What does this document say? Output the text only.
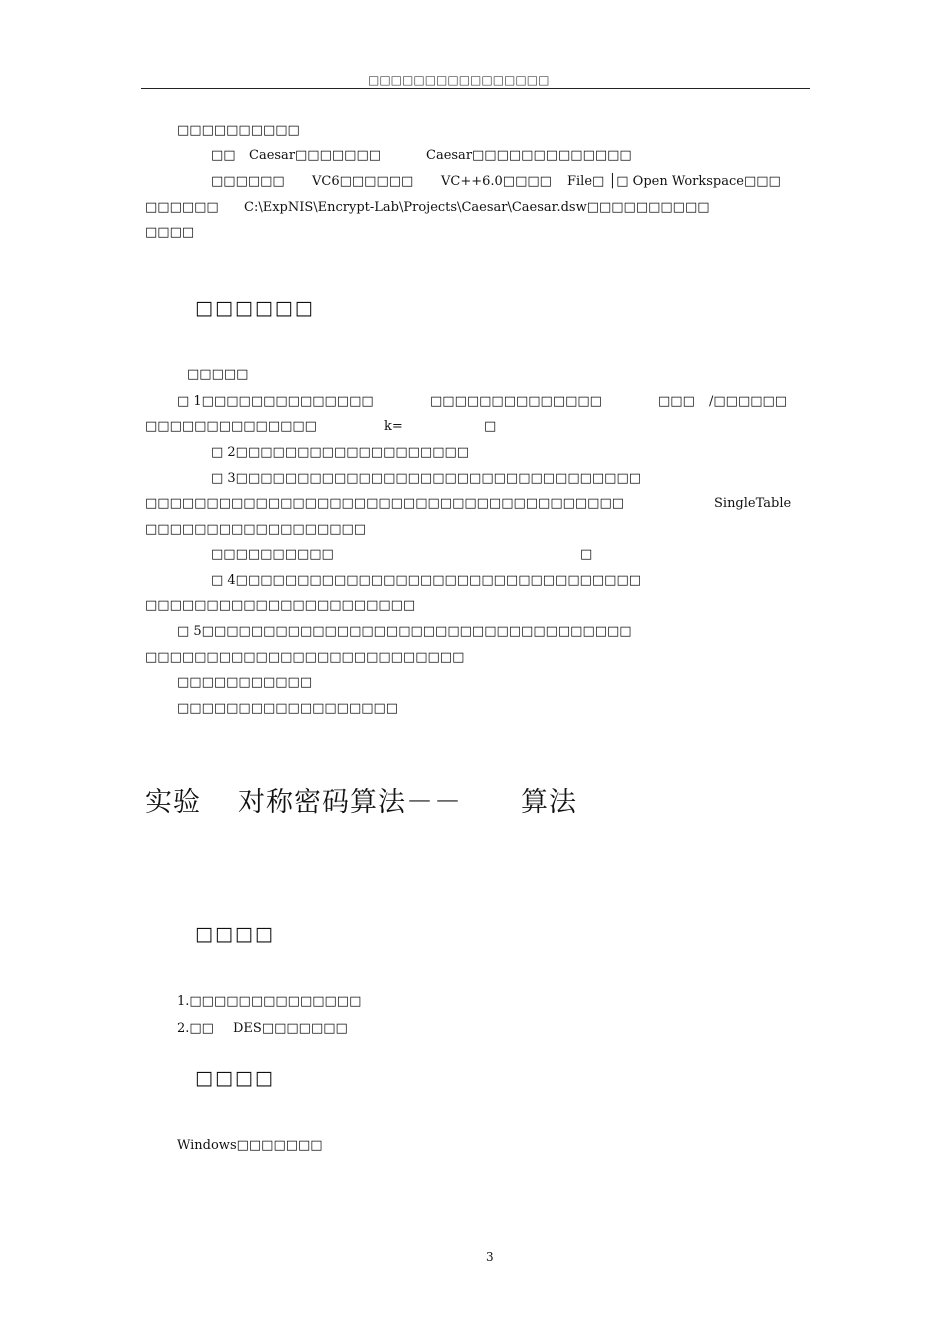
□□□□□□□□□□□□□□□□
□□□□□□□□□□
□□ Caesar□□□□□□□	Caesar□□□□□□□□□□□□□
□□□□□□ VC6□□□□□□ VC++6.0□□□□ File□ │□ Open Workspace□□□
□□□□□□ C:\ExpNIS\Encrypt-Lab\Projects\Caesar\Caesar.dsw□□□□□□□□□□
□□□□
□□□□□□
□□□□□
□ 1□□□□□□□□□□□□□□	□□□□□□□□□□□□□□	□□□ /□□□□□□
□□□□□□□□□□□□□□	k=	□
□ 2□□□□□□□□□□□□□□□□□□□
□ 3□□□□□□□□□□□□□□□□□□□□□□□□□□□□□□□□□
□□□□□□□□□□□□□□□□□□□□□□□□□□□□□□□□□□□□□□□	SingleTable
□□□□□□□□□□□□□□□□□□
□□□□□□□□□□	□
□ 4□□□□□□□□□□□□□□□□□□□□□□□□□□□□□□□□□
□□□□□□□□□□□□□□□□□□□□□□
□ 5□□□□□□□□□□□□□□□□□□□□□□□□□□□□□□□□□□□
□□□□□□□□□□□□□□□□□□□□□□□□□□
□□□□□□□□□□□
□□□□□□□□□□□□□□□□□□
实验 对称密码算法－－ 算法
□□□□
1.□□□□□□□□□□□□□□
2.□□ DES□□□□□□□
□□□□
Windows□□□□□□□
3
